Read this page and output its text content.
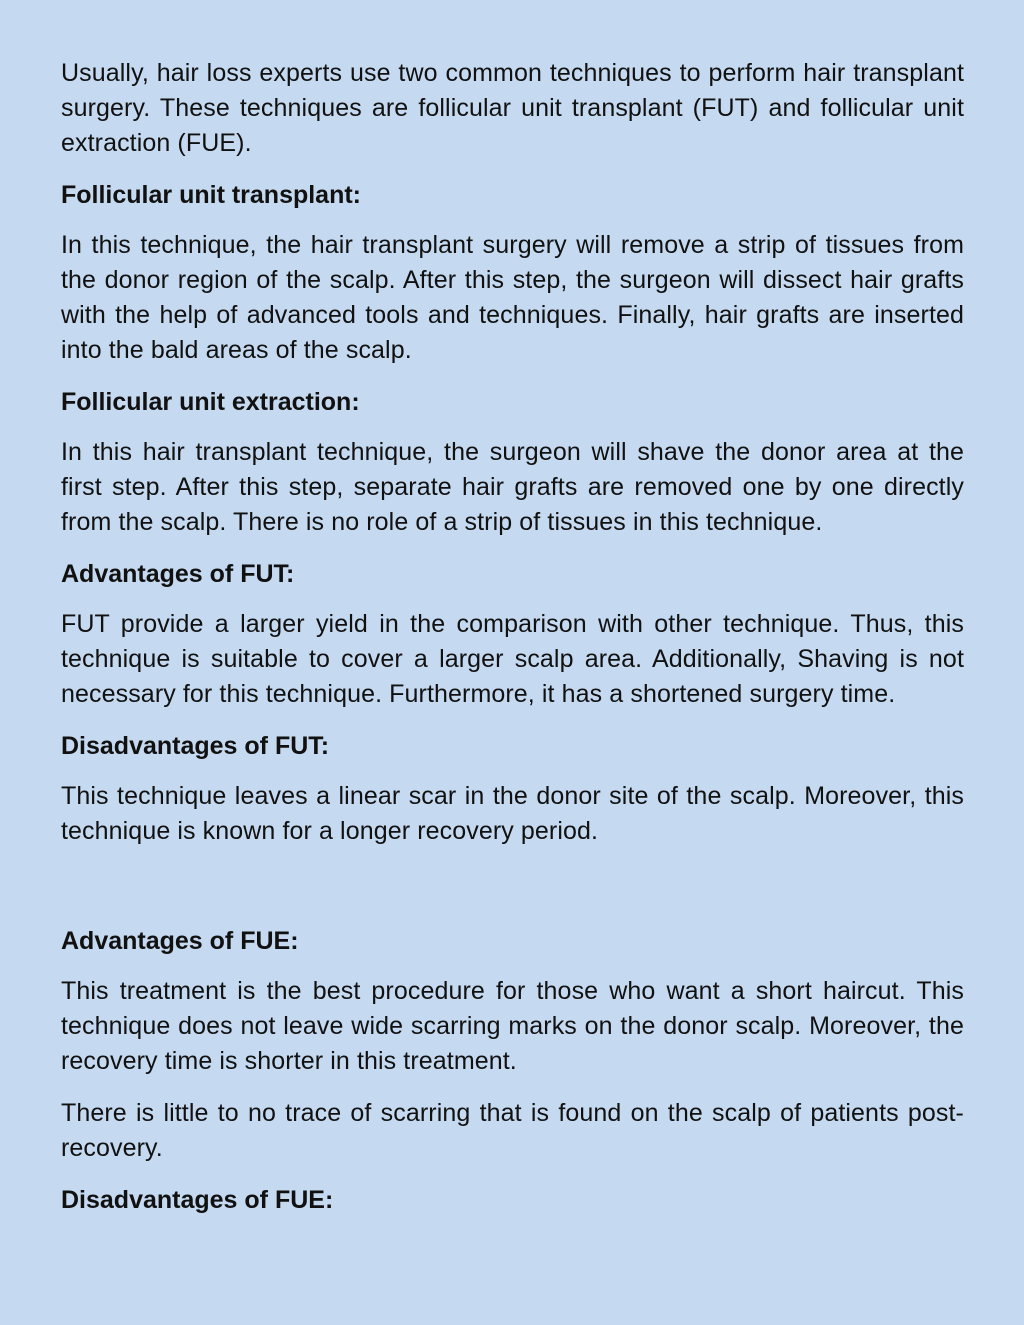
Usually, hair loss experts use two common techniques to perform hair transplant surgery. These techniques are follicular unit transplant (FUT) and follicular unit extraction (FUE).

Follicular unit transplant:

In this technique, the hair transplant surgery will remove a strip of tissues from the donor region of the scalp. After this step, the surgeon will dissect hair grafts with the help of advanced tools and techniques. Finally, hair grafts are inserted into the bald areas of the scalp.

Follicular unit extraction:

In this hair transplant technique, the surgeon will shave the donor area at the first step. After this step, separate hair grafts are removed one by one directly from the scalp. There is no role of a strip of tissues in this technique.

Advantages of FUT:

FUT provide a larger yield in the comparison with other technique. Thus, this technique is suitable to cover a larger scalp area. Additionally, Shaving is not necessary for this technique. Furthermore, it has a shortened surgery time.

Disadvantages of FUT:

This technique leaves a linear scar in the donor site of the scalp. Moreover, this technique is known for a longer recovery period.

Advantages of FUE:

This treatment is the best procedure for those who want a short haircut. This technique does not leave wide scarring marks on the donor scalp. Moreover, the recovery time is shorter in this treatment.

There is little to no trace of scarring that is found on the scalp of patients post-recovery.

Disadvantages of FUE:
